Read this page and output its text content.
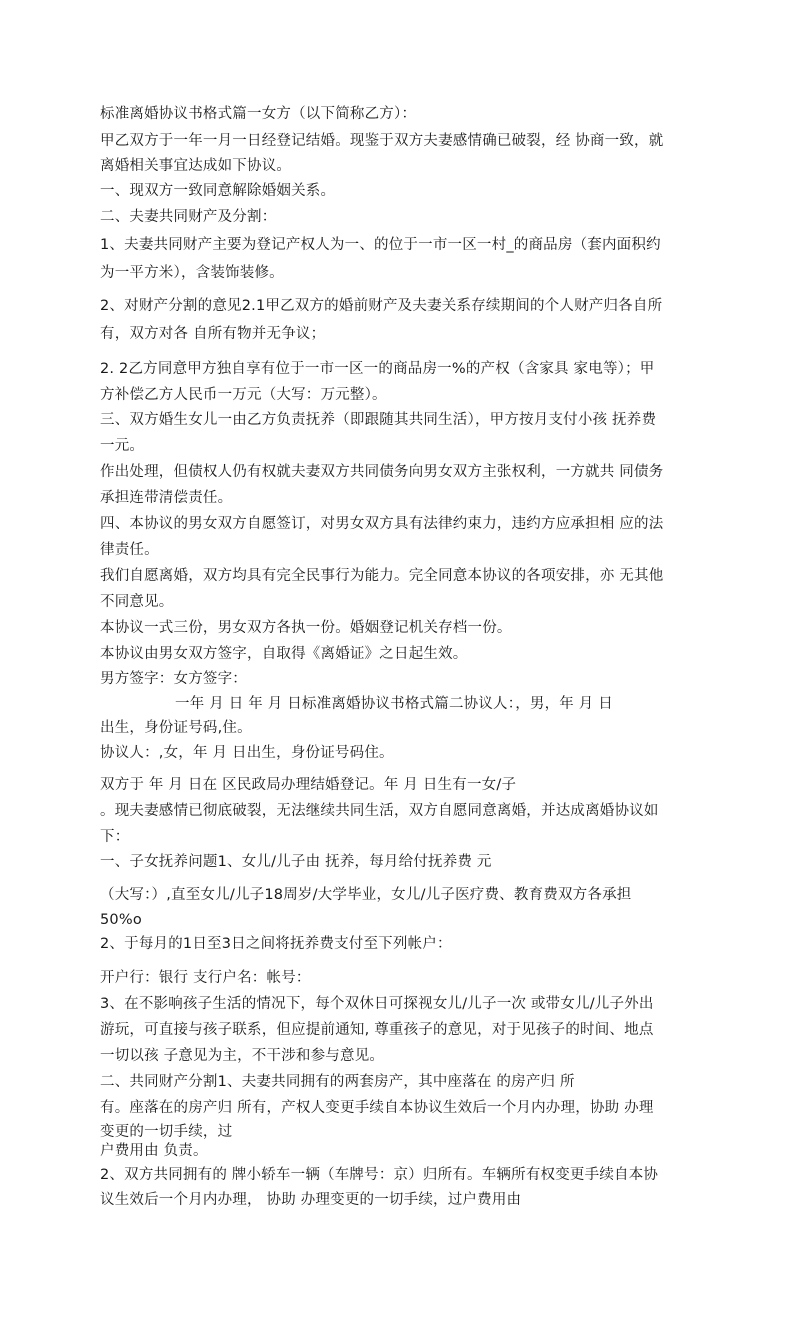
标准离婚协议书格式篇一女方（以下简称乙方）：
甲乙双方于一年一月一日经登记结婚。现鉴于双方夫妻感情确已破裂，经 协商一致，就
离婚相关事宜达成如下协议。
一、现双方一致同意解除婚姻关系。
二、夫妻共同财产及分割：
1、夫妻共同财产主要为登记产权人为一、的位于一市一区一村_的商品房（套内面积约
为一平方米），含装饰装修。
2、对财产分割的意见2.1甲乙双方的婚前财产及夫妻关系存续期间的个人财产归各自所
有，双方对各 自所有物并无争议；
2. 2乙方同意甲方独自享有位于一市一区一的商品房一%的产权（含家具 家电等）；甲
方补偿乙方人民币一万元（大写：万元整）。
三、双方婚生女儿一由乙方负责抚养（即跟随其共同生活），甲方按月支付小孩 抚养费
一元。
作出处理，但债权人仍有权就夫妻双方共同债务向男女双方主张权利，一方就共 同债务
承担连带清偿责任。
四、本协议的男女双方自愿签订，对男女双方具有法律约束力，违约方应承担相 应的法
律责任。
我们自愿离婚，双方均具有完全民事行为能力。完全同意本协议的各项安排，亦 无其他
不同意见。
本协议一式三份，男女双方各执一份。婚姻登记机关存档一份。
本协议由男女双方签字，自取得《离婚证》之日起生效。
男方签字：女方签字：
一年 月 日 年 月 日标准离婚协议书格式篇二协议人：，男，年 月 日
出生，身份证号码,住。
协议人：,女，年 月 日出生，身份证号码住。
双方于 年 月 日在 区民政局办理结婚登记。年 月 日生有一女/子
。现夫妻感情已彻底破裂，无法继续共同生活，双方自愿同意离婚，并达成离婚协议如
下：
一、子女抚养问题1、女儿/儿子由 抚养，每月给付抚养费 元
（大写：）,直至女儿/儿子18周岁/大学毕业，女儿/儿子医疗费、教育费双方各承担
50%o
2、于每月的1日至3日之间将抚养费支付至下列帐户：
开户行：银行 支行户名：帐号：
3、在不影响孩子生活的情况下，每个双休日可探视女儿/儿子一次 或带女儿/儿子外出
游玩，可直接与孩子联系，但应提前通知, 尊重孩子的意见，对于见孩子的时间、地点
一切以孩 子意见为主，不干涉和参与意见。
二、共同财产分割1、夫妻共同拥有的两套房产，其中座落在 的房产归 所
有。座落在的房产归 所有，产权人变更手续自本协议生效后一个月内办理，协助 办理
变更的一切手续，过
户费用由 负责。
2、双方共同拥有的 牌小轿车一辆（车牌号：京）归所有。车辆所有权变更手续自本协
议生效后一个月内办理， 协助 办理变更的一切手续，过户费用由
